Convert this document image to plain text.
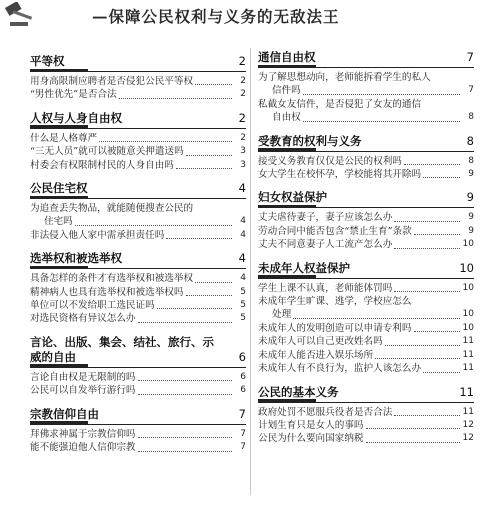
—保障公民权利与义务的无敌法王
平等权	2
用身高限制应聘者是否侵犯公民平等权	2
“男性优先”是否合法	2
人权与人身自由权	2
什么是人格尊严	2
“三无人员”就可以被随意关押遣送吗	3
村委会有权限制村民的人身自由吗	3
公民住宅权	4
为追查丢失物品，就能随便搜查公民的
住宅吗	4
非法侵入他人家中需承担责任吗	4
选举权和被选举权	4
具备怎样的条件才有选举权和被选举权	4
精神病人也具有选举权和被选举权吗	5
单位可以不发给职工选民证吗	5
对选民资格有异议怎么办	5
言论、出版、集会、结社、旅行、示威的自由	6
言论自由权是无限制的吗	6
公民可以自发举行游行吗	6
宗教信仰自由	7
拜佛求神属于宗教信仰吗	7
能不能强迫他人信仰宗教	7
通信自由权	7
为了解思想动向，老师能拆看学生的私人
信件吗	7
私截女友信件，是否侵犯了女友的通信
自由权	8
受教育的权利与义务	8
接受义务教育仅仅是公民的权利吗	8
女大学生在校怀孕，学校能将其开除吗	9
妇女权益保护	9
丈夫虐待妻子，妻子应该怎么办	9
劳动合同中能否包含“禁止生育”条款	9
丈夫不同意妻子人工流产怎么办	10
未成年人权益保护	10
学生上课不认真，老师能体罚吗	10
未成年学生旷课、逃学，学校应怎么
处理	10
未成年人的发明创造可以申请专利吗	10
未成年人可以自己更改姓名吗	11
未成年人能否进入娱乐场所	11
未成年人有不良行为，监护人该怎么办	11
公民的基本义务	11
政府处罚不愿服兵役者是否合法	11
计划生育只是女人的事吗	12
公民为什么要向国家纳税	12
